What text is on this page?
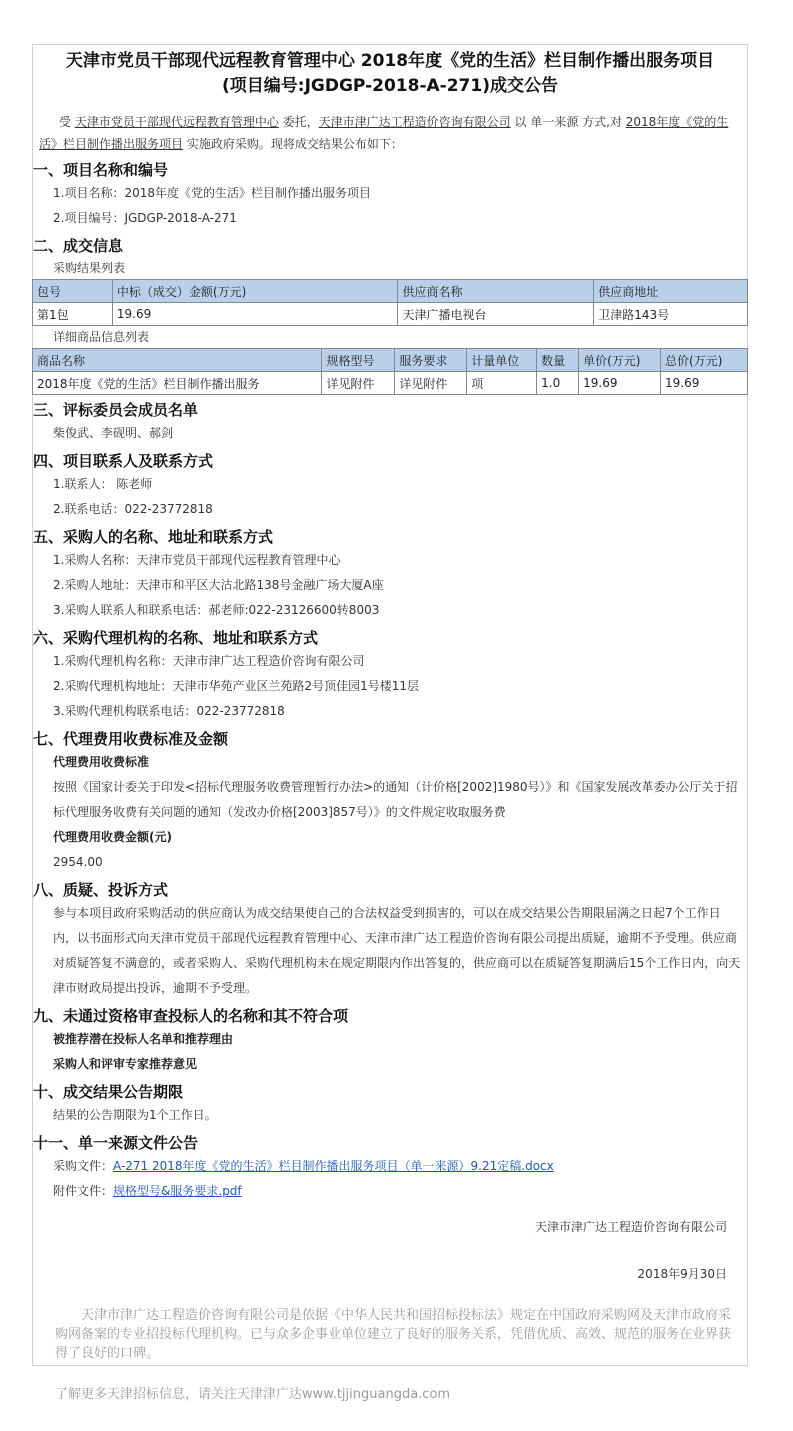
天津市党员干部现代远程教育管理中心 2018年度《党的生活》栏目制作播出服务项目
(项目编号:JGDGP-2018-A-271)成交公告
受 天津市党员干部现代远程教育管理中心 委托，天津市津广达工程造价咨询有限公司 以 单一来源 方式,对 2018年度《党的生活》栏目制作播出服务项目 实施政府采购。现将成交结果公布如下：
一、项目名称和编号
1.项目名称：2018年度《党的生活》栏目制作播出服务项目
2.项目编号：JGDGP-2018-A-271
二、成交信息
采购结果列表
包号	中标（成交）金额(万元)	供应商名称	供应商地址
第1包	19.69	天津广播电视台	卫津路143号
详细商品信息列表
商品名称	规格型号	服务要求	计量单位	数量	单价(万元)	总价(万元)
2018年度《党的生活》栏目制作播出服务	详见附件	详见附件	项	1.0	19.69	19.69
三、评标委员会成员名单
柴俊武、李砚明、郝剑
四、项目联系人及联系方式
1.联系人： 陈老师
2.联系电话：022-23772818
五、采购人的名称、地址和联系方式
1.采购人名称：天津市党员干部现代远程教育管理中心
2.采购人地址：天津市和平区大沽北路138号金融广场大厦A座
3.采购人联系人和联系电话：郝老师:022-23126600转8003
六、采购代理机构的名称、地址和联系方式
1.采购代理机构名称：天津市津广达工程造价咨询有限公司
2.采购代理机构地址：天津市华苑产业区兰苑路2号顶佳园1号楼11层
3.采购代理机构联系电话：022-23772818
七、代理费用收费标准及金额
代理费用收费标准
按照《国家计委关于印发<招标代理服务收费管理暂行办法>的通知（计价格[2002]1980号）》和《国家发展改革委办公厅关于招标代理服务收费有关问题的通知（发改办价格[2003]857号）》的文件规定收取服务费
代理费用收费金额(元)
2954.00
八、质疑、投诉方式
参与本项目政府采购活动的供应商认为成交结果使自己的合法权益受到损害的，可以在成交结果公告期限届满之日起7个工作日内，以书面形式向天津市党员干部现代远程教育管理中心、天津市津广达工程造价咨询有限公司提出质疑，逾期不予受理。供应商对质疑答复不满意的，或者采购人、采购代理机构未在规定期限内作出答复的，供应商可以在质疑答复期满后15个工作日内，向天津市财政局提出投诉，逾期不予受理。
九、未通过资格审查投标人的名称和其不符合项
被推荐潜在投标人名单和推荐理由
采购人和评审专家推荐意见
十、成交结果公告期限
结果的公告期限为1个工作日。
十一、单一来源文件公告
采购文件：A-271 2018年度《党的生活》栏目制作播出服务项目（单一来源）9.21定稿.docx
附件文件：规格型号&服务要求.pdf
天津市津广达工程造价咨询有限公司
2018年9月30日
天津市津广达工程造价咨询有限公司是依据《中华人民共和国招标投标法》规定在中国政府采购网及天津市政府采购网备案的专业招投标代理机构。已与众多企事业单位建立了良好的服务关系，凭借优质、高效、规范的服务在业界获得了良好的口碑。
了解更多天津招标信息，请关注天津津广达www.tjjinguangda.com
